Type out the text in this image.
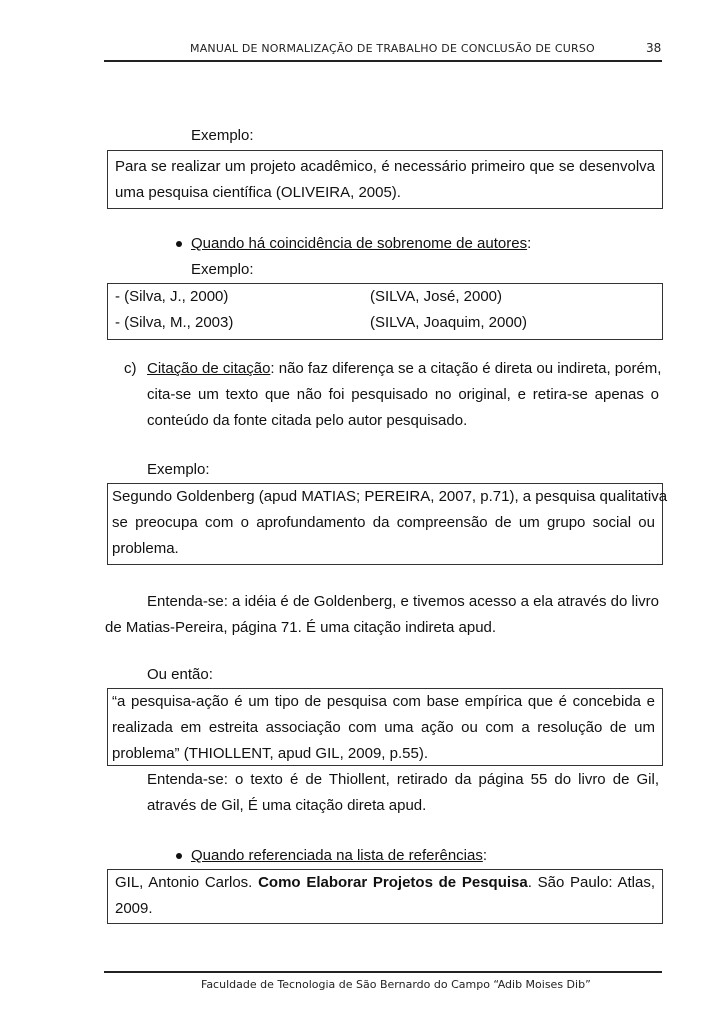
MANUAL DE NORMALIZAÇÃO DE TRABALHO DE CONCLUSÃO DE CURSO	38
Exemplo:
Para se realizar um projeto acadêmico, é necessário primeiro que se desenvolva
uma pesquisa científica (OLIVEIRA, 2005).
Quando há coincidência de sobrenome de autores:
Exemplo:
- (Silva, J., 2000)	(SILVA, José, 2000)
- (Silva, M., 2003)	(SILVA, Joaquim, 2000)
c) Citação de citação: não faz diferença se a citação é direta ou indireta, porém,
cita-se um texto que não foi pesquisado no original, e retira-se apenas o
conteúdo da fonte citada pelo autor pesquisado.
Exemplo:
Segundo Goldenberg (apud MATIAS; PEREIRA, 2007, p.71), a pesquisa qualitativa
se preocupa com o aprofundamento da compreensão de um grupo social ou
problema.
Entenda-se: a idéia é de Goldenberg, e tivemos acesso a ela através do livro
de Matias-Pereira, página 71. É uma citação indireta apud.
Ou então:
“a pesquisa-ação é um tipo de pesquisa com base empírica que é concebida e
realizada em estreita associação com uma ação ou com a resolução de um
problema” (THIOLLENT, apud GIL, 2009, p.55).
Entenda-se: o texto é de Thiollent, retirado da página 55 do livro de Gil,
através de Gil, É uma citação direta apud.
Quando referenciada na lista de referências:
GIL, Antonio Carlos. Como Elaborar Projetos de Pesquisa. São Paulo: Atlas,
2009.
Faculdade de Tecnologia de São Bernardo do Campo “Adib Moises Dib”
